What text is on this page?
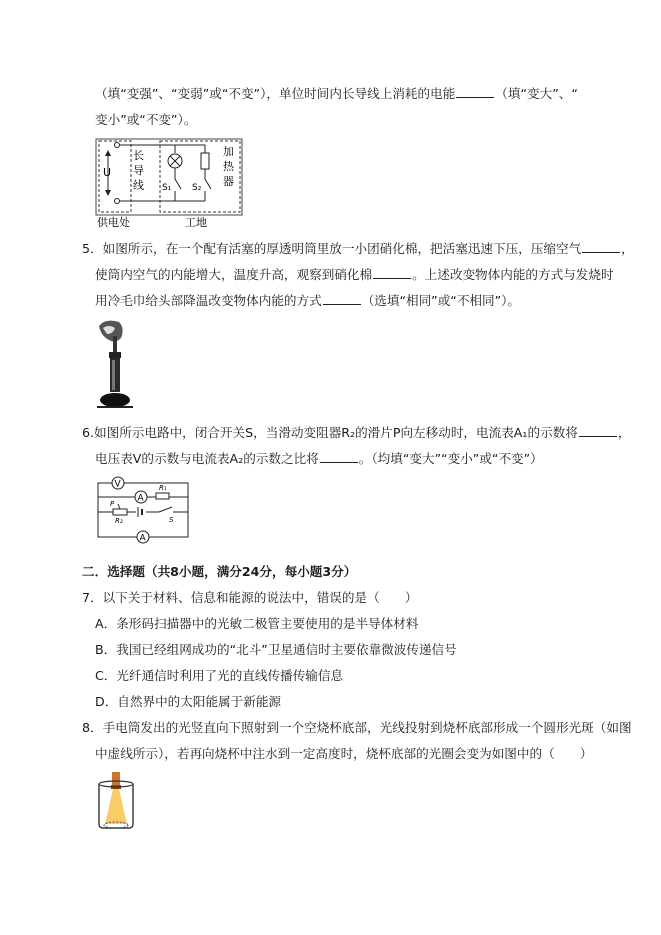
（填“变强”、“变弱”或“不变”），单位时间内长导线上消耗的电能	（填“变大”、“
变小”或“不变”）。
U
长
导
线 S₁ S₂
加
热
器
供电处	工地
5．如图所示，在一个配有活塞的厚透明筒里放一小团硝化棉，把活塞迅速下压，压缩空气	，
使筒内空气的内能增大，温度升高，观察到硝化棉	。上述改变物体内能的方式与发烧时
用冷毛巾给头部降温改变物体内能的方式	（选填“相同”或“不相同”）。
6.如图所示电路中，闭合开关S，当滑动变阻器R₂的滑片P向左移动时，电流表A₁的示数将	，
电压表V的示数与电流表A₂的示数之比将	。（均填“变大”“变小”或“不变”）
V
A
R₁
R₂
P
S
A
二．选择题（共8小题，满分24分，每小题3分）
7．以下关于材料、信息和能源的说法中，错误的是（　　）
A．条形码扫描器中的光敏二极管主要使用的是半导体材料
B．我国已经组网成功的“北斗”卫星通信时主要依靠微波传递信号
C．光纤通信时利用了光的直线传播传输信息
D．自然界中的太阳能属于新能源
8．手电筒发出的光竖直向下照射到一个空烧杯底部，光线投射到烧杯底部形成一个圆形光斑（如图
中虚线所示），若再向烧杯中注水到一定高度时，烧杯底部的光圈会变为如图中的（　　）
